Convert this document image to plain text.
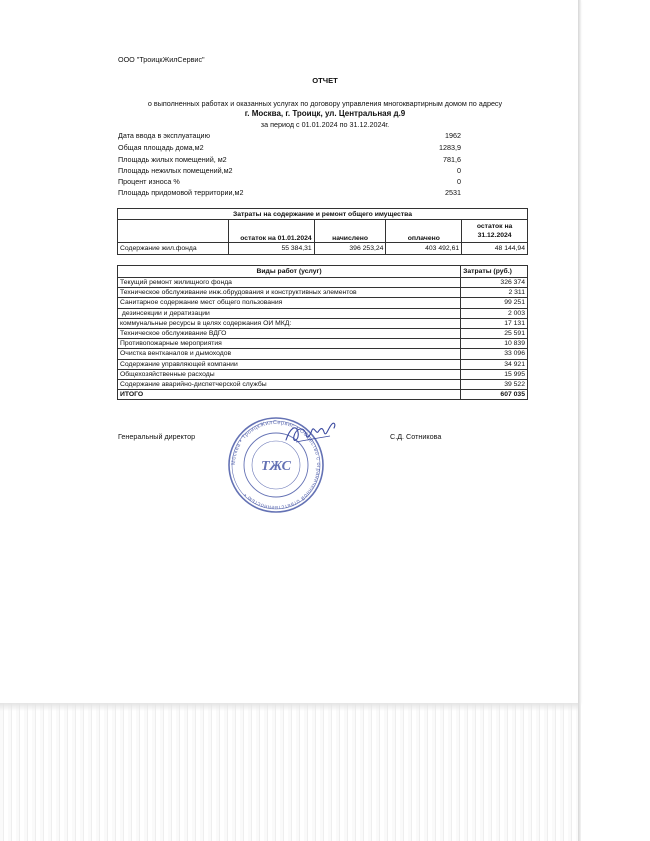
ООО "ТроицкЖилСервис"
ОТЧЕТ
о выполненных работах и оказанных услугах по договору управления многоквартирным домом по адресу
г. Москва, г. Троицк, ул. Центральная д.9
за период с 01.01.2024 по 31.12.2024г.
Дата ввода в эксплуатацию	1962
Общая площадь дома,м2	1283,9
Площадь жилых помещений, м2	781,6
Площадь нежилых помещений,м2	0
Процент износа %	0
Площадь придомовой территории,м2	2531
Затраты на содержание и ремонт общего имущества				
	остаток на 01.01.2024	начислено	оплачено	остаток на
31.12.2024
Содержание жил.фонда	55 384,31	396 253,24	403 492,61	48 144,94
Виды работ (услуг)	Затраты (руб.)
Текущий ремонт жилищного фонда	326 374
Техническое обслуживание инж.обрудования и конструктивных элементов	2 311
Санитарное содержание мест общего пользования	99 251
дезинсекции и дератизации	2 003
коммунальные ресурсы в целях содержания ОИ МКД:	17 131
Техническое обслуживание ВДГО	25 591
Противопожарные мероприятия	10 839
Очистка вентканалов и дымоходов	33 096
Содержание управляющей компании	34 921
Общехозяйственные расходы	15 995
Содержание аварийно-диспетчерской службы	39 522
ИТОГО	607 035
Генеральный директор	С.Д. Сотникова
Москва • ТроицкЖилСервис • Общество с ограниченной ответственностью •
ТЖС
